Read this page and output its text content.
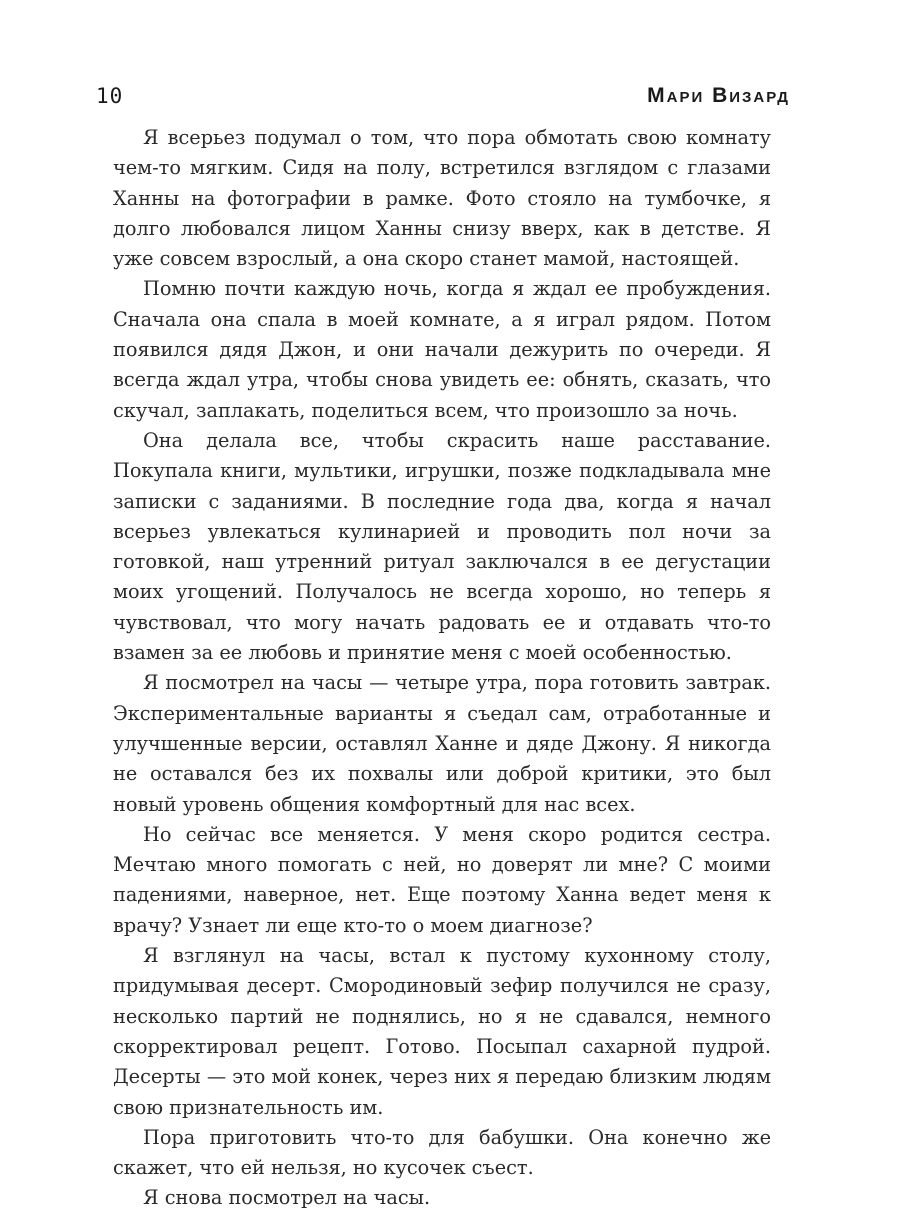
10	Мари Визард

Я всерьез подумал о том, что пора обмотать свою комнату чем-то мягким. Сидя на полу, встретился взглядом с глазами Ханны на фотографии в рамке. Фото стояло на тумбочке, я долго любовался лицом Ханны снизу вверх, как в детстве. Я уже совсем взрослый, а она скоро станет мамой, настоящей.

Помню почти каждую ночь, когда я ждал ее пробуждения. Сначала она спала в моей комнате, а я играл рядом. Потом появился дядя Джон, и они начали дежурить по очереди. Я всегда ждал утра, чтобы снова увидеть ее: обнять, сказать, что скучал, заплакать, поделиться всем, что произошло за ночь.

Она делала все, чтобы скрасить наше расставание. Покупала книги, мультики, игрушки, позже подкладывала мне записки с заданиями. В последние года два, когда я начал всерьез увлекаться кулинарией и проводить пол ночи за готовкой, наш утренний ритуал заключался в ее дегустации моих угощений. Получалось не всегда хорошо, но теперь я чувствовал, что могу начать радовать ее и отдавать что-то взамен за ее любовь и принятие меня с моей особенностью.

Я посмотрел на часы — четыре утра, пора готовить завтрак. Экспериментальные варианты я съедал сам, отработанные и улучшенные версии, оставлял Ханне и дяде Джону. Я никогда не оставался без их похвалы или доброй критики, это был новый уровень общения комфортный для нас всех.

Но сейчас все меняется. У меня скоро родится сестра. Мечтаю много помогать с ней, но доверят ли мне? С моими падениями, наверное, нет. Еще поэтому Ханна ведет меня к врачу? Узнает ли еще кто-то о моем диагнозе?

Я взглянул на часы, встал к пустому кухонному столу, придумывая десерт. Смородиновый зефир получился не сразу, несколько партий не поднялись, но я не сдавался, немного скорректировал рецепт. Готово. Посыпал сахарной пудрой. Десерты — это мой конек, через них я передаю близким людям свою признательность им.

Пора приготовить что-то для бабушки. Она конечно же скажет, что ей нельзя, но кусочек съест.

Я снова посмотрел на часы.
